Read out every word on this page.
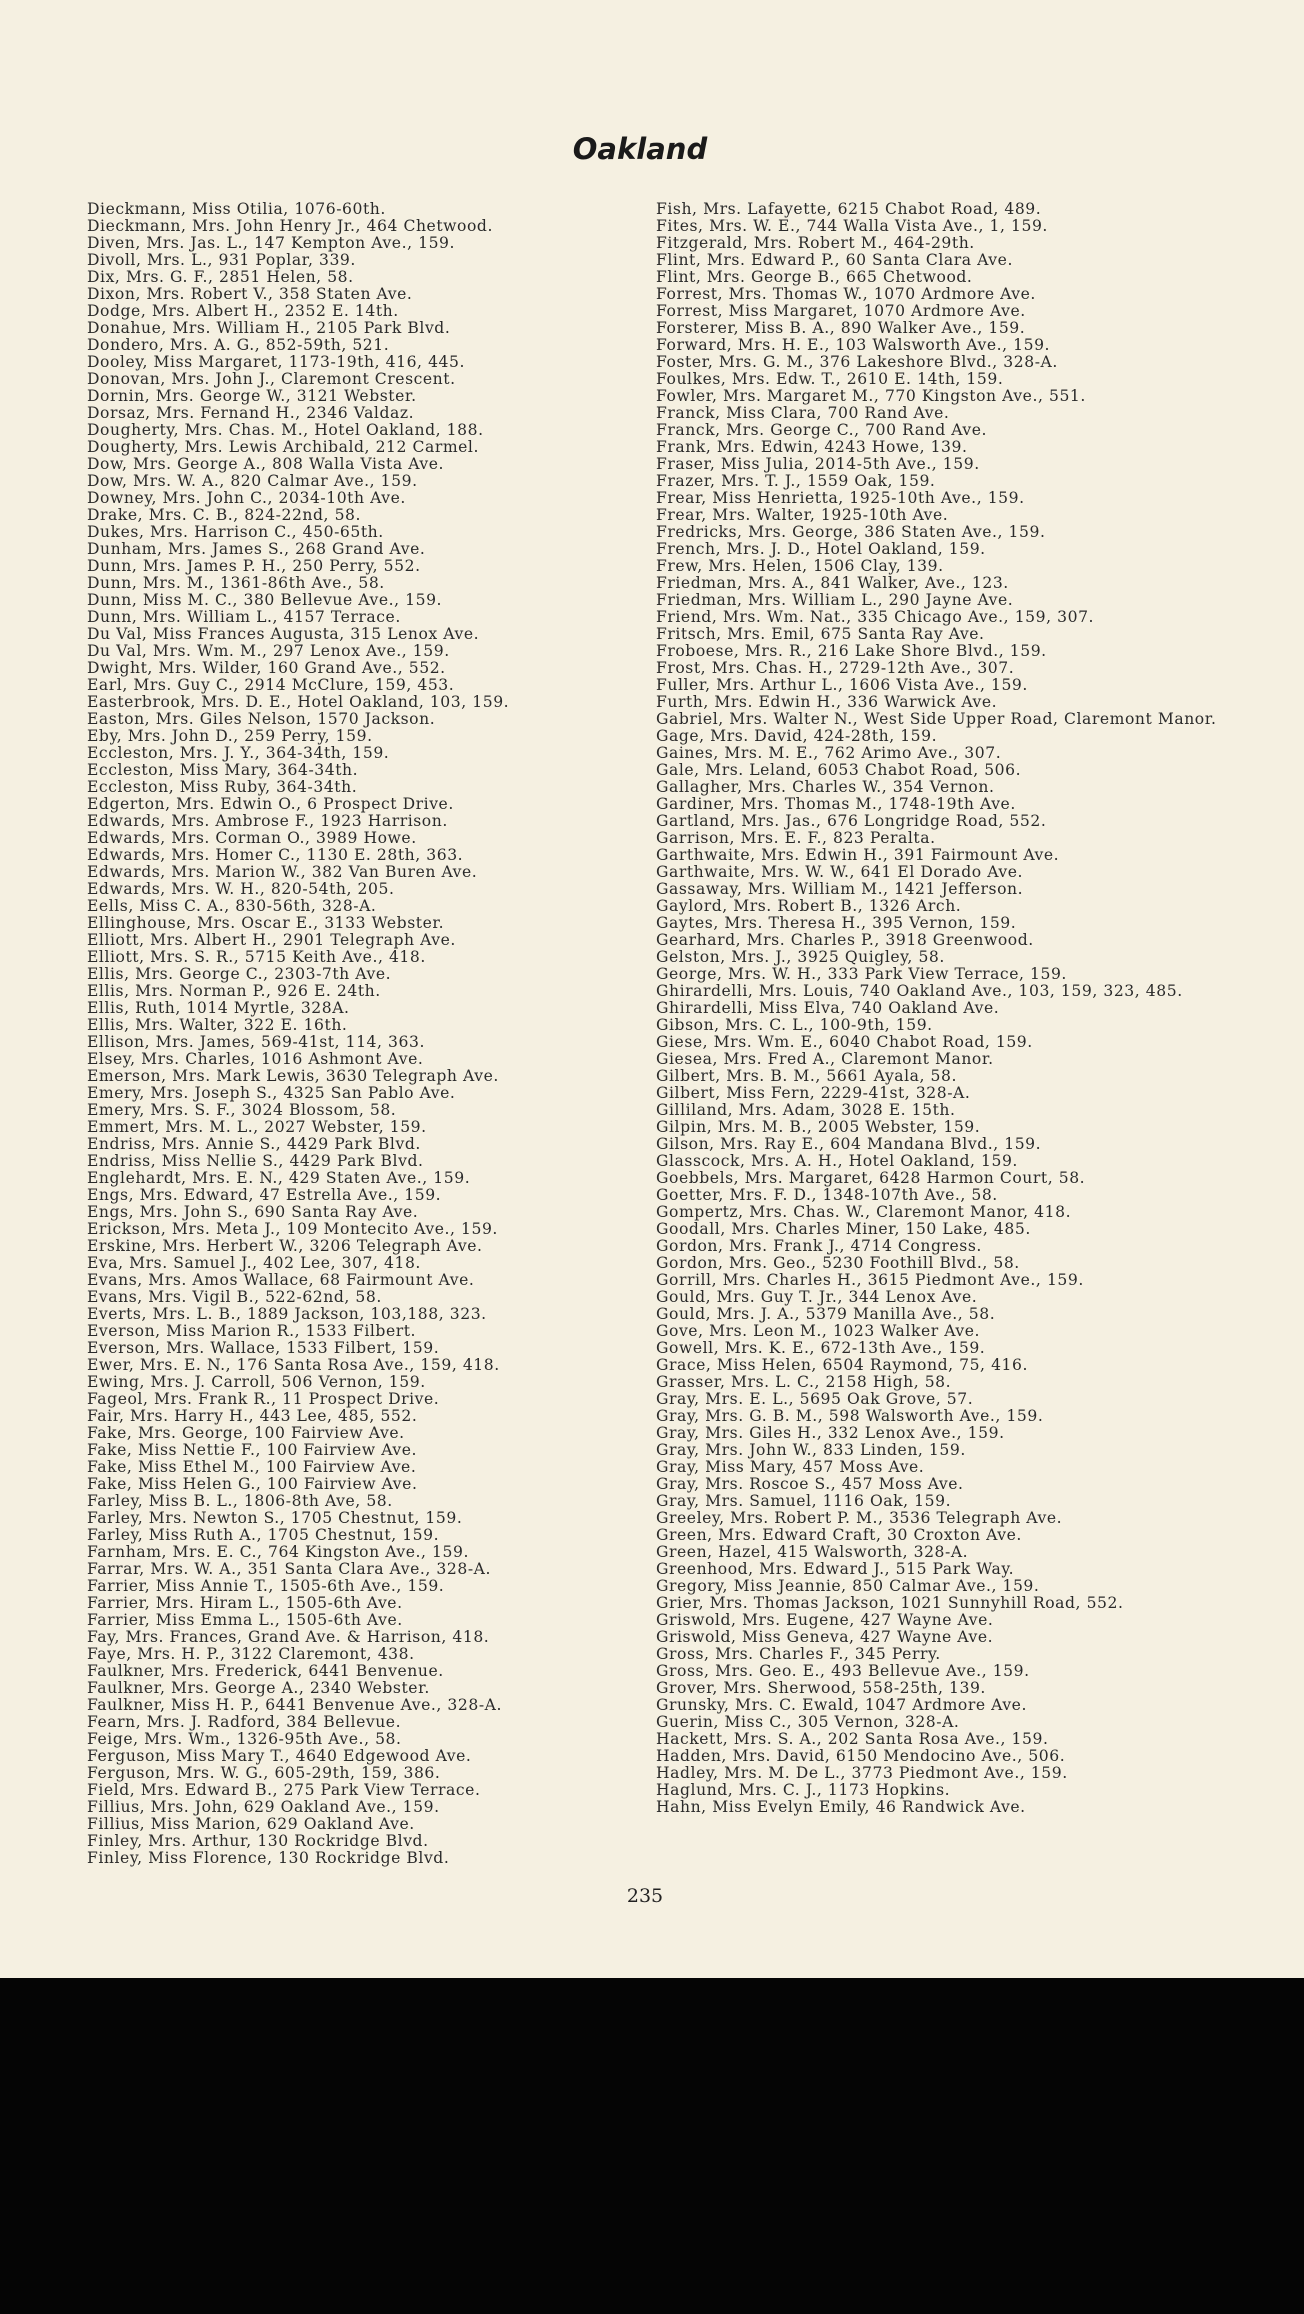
Oakland
Dieckmann, Miss Otilia, 1076-60th.
Dieckmann, Mrs. John Henry Jr., 464 Chetwood.
Diven, Mrs. Jas. L., 147 Kempton Ave., 159.
Divoll, Mrs. L., 931 Poplar, 339.
Dix, Mrs. G. F., 2851 Helen, 58.
Dixon, Mrs. Robert V., 358 Staten Ave.
Dodge, Mrs. Albert H., 2352 E. 14th.
Donahue, Mrs. William H., 2105 Park Blvd.
Dondero, Mrs. A. G., 852-59th, 521.
Dooley, Miss Margaret, 1173-19th, 416, 445.
Donovan, Mrs. John J., Claremont Crescent.
Dornin, Mrs. George W., 3121 Webster.
Dorsaz, Mrs. Fernand H., 2346 Valdaz.
Dougherty, Mrs. Chas. M., Hotel Oakland, 188.
Dougherty, Mrs. Lewis Archibald, 212 Carmel.
Dow, Mrs. George A., 808 Walla Vista Ave.
Dow, Mrs. W. A., 820 Calmar Ave., 159.
Downey, Mrs. John C., 2034-10th Ave.
Drake, Mrs. C. B., 824-22nd, 58.
Dukes, Mrs. Harrison C., 450-65th.
Dunham, Mrs. James S., 268 Grand Ave.
Dunn, Mrs. James P. H., 250 Perry, 552.
Dunn, Mrs. M., 1361-86th Ave., 58.
Dunn, Miss M. C., 380 Bellevue Ave., 159.
Dunn, Mrs. William L., 4157 Terrace.
Du Val, Miss Frances Augusta, 315 Lenox Ave.
Du Val, Mrs. Wm. M., 297 Lenox Ave., 159.
Dwight, Mrs. Wilder, 160 Grand Ave., 552.
Earl, Mrs. Guy C., 2914 McClure, 159, 453.
Easterbrook, Mrs. D. E., Hotel Oakland, 103, 159.
Easton, Mrs. Giles Nelson, 1570 Jackson.
Eby, Mrs. John D., 259 Perry, 159.
Eccleston, Mrs. J. Y., 364-34th, 159.
Eccleston, Miss Mary, 364-34th.
Eccleston, Miss Ruby, 364-34th.
Edgerton, Mrs. Edwin O., 6 Prospect Drive.
Edwards, Mrs. Ambrose F., 1923 Harrison.
Edwards, Mrs. Corman O., 3989 Howe.
Edwards, Mrs. Homer C., 1130 E. 28th, 363.
Edwards, Mrs. Marion W., 382 Van Buren Ave.
Edwards, Mrs. W. H., 820-54th, 205.
Eells, Miss C. A., 830-56th, 328-A.
Ellinghouse, Mrs. Oscar E., 3133 Webster.
Elliott, Mrs. Albert H., 2901 Telegraph Ave.
Elliott, Mrs. S. R., 5715 Keith Ave., 418.
Ellis, Mrs. George C., 2303-7th Ave.
Ellis, Mrs. Norman P., 926 E. 24th.
Ellis, Ruth, 1014 Myrtle, 328A.
Ellis, Mrs. Walter, 322 E. 16th.
Ellison, Mrs. James, 569-41st, 114, 363.
Elsey, Mrs. Charles, 1016 Ashmont Ave.
Emerson, Mrs. Mark Lewis, 3630 Telegraph Ave.
Emery, Mrs. Joseph S., 4325 San Pablo Ave.
Emery, Mrs. S. F., 3024 Blossom, 58.
Emmert, Mrs. M. L., 2027 Webster, 159.
Endriss, Mrs. Annie S., 4429 Park Blvd.
Endriss, Miss Nellie S., 4429 Park Blvd.
Englehardt, Mrs. E. N., 429 Staten Ave., 159.
Engs, Mrs. Edward, 47 Estrella Ave., 159.
Engs, Mrs. John S., 690 Santa Ray Ave.
Erickson, Mrs. Meta J., 109 Montecito Ave., 159.
Erskine, Mrs. Herbert W., 3206 Telegraph Ave.
Eva, Mrs. Samuel J., 402 Lee, 307, 418.
Evans, Mrs. Amos Wallace, 68 Fairmount Ave.
Evans, Mrs. Vigil B., 522-62nd, 58.
Everts, Mrs. L. B., 1889 Jackson, 103,188, 323.
Everson, Miss Marion R., 1533 Filbert.
Everson, Mrs. Wallace, 1533 Filbert, 159.
Ewer, Mrs. E. N., 176 Santa Rosa Ave., 159, 418.
Ewing, Mrs. J. Carroll, 506 Vernon, 159.
Fageol, Mrs. Frank R., 11 Prospect Drive.
Fair, Mrs. Harry H., 443 Lee, 485, 552.
Fake, Mrs. George, 100 Fairview Ave.
Fake, Miss Nettie F., 100 Fairview Ave.
Fake, Miss Ethel M., 100 Fairview Ave.
Fake, Miss Helen G., 100 Fairview Ave.
Farley, Miss B. L., 1806-8th Ave, 58.
Farley, Mrs. Newton S., 1705 Chestnut, 159.
Farley, Miss Ruth A., 1705 Chestnut, 159.
Farnham, Mrs. E. C., 764 Kingston Ave., 159.
Farrar, Mrs. W. A., 351 Santa Clara Ave., 328-A.
Farrier, Miss Annie T., 1505-6th Ave., 159.
Farrier, Mrs. Hiram L., 1505-6th Ave.
Farrier, Miss Emma L., 1505-6th Ave.
Fay, Mrs. Frances, Grand Ave. & Harrison, 418.
Faye, Mrs. H. P., 3122 Claremont, 438.
Faulkner, Mrs. Frederick, 6441 Benvenue.
Faulkner, Mrs. George A., 2340 Webster.
Faulkner, Miss H. P., 6441 Benvenue Ave., 328-A.
Fearn, Mrs. J. Radford, 384 Bellevue.
Feige, Mrs. Wm., 1326-95th Ave., 58.
Ferguson, Miss Mary T., 4640 Edgewood Ave.
Ferguson, Mrs. W. G., 605-29th, 159, 386.
Field, Mrs. Edward B., 275 Park View Terrace.
Fillius, Mrs. John, 629 Oakland Ave., 159.
Fillius, Miss Marion, 629 Oakland Ave.
Finley, Mrs. Arthur, 130 Rockridge Blvd.
Finley, Miss Florence, 130 Rockridge Blvd.
Fish, Mrs. Lafayette, 6215 Chabot Road, 489.
Fites, Mrs. W. E., 744 Walla Vista Ave., 1, 159.
Fitzgerald, Mrs. Robert M., 464-29th.
Flint, Mrs. Edward P., 60 Santa Clara Ave.
Flint, Mrs. George B., 665 Chetwood.
Forrest, Mrs. Thomas W., 1070 Ardmore Ave.
Forrest, Miss Margaret, 1070 Ardmore Ave.
Forsterer, Miss B. A., 890 Walker Ave., 159.
Forward, Mrs. H. E., 103 Walsworth Ave., 159.
Foster, Mrs. G. M., 376 Lakeshore Blvd., 328-A.
Foulkes, Mrs. Edw. T., 2610 E. 14th, 159.
Fowler, Mrs. Margaret M., 770 Kingston Ave., 551.
Franck, Miss Clara, 700 Rand Ave.
Franck, Mrs. George C., 700 Rand Ave.
Frank, Mrs. Edwin, 4243 Howe, 139.
Fraser, Miss Julia, 2014-5th Ave., 159.
Frazer, Mrs. T. J., 1559 Oak, 159.
Frear, Miss Henrietta, 1925-10th Ave., 159.
Frear, Mrs. Walter, 1925-10th Ave.
Fredricks, Mrs. George, 386 Staten Ave., 159.
French, Mrs. J. D., Hotel Oakland, 159.
Frew, Mrs. Helen, 1506 Clay, 139.
Friedman, Mrs. A., 841 Walker, Ave., 123.
Friedman, Mrs. William L., 290 Jayne Ave.
Friend, Mrs. Wm. Nat., 335 Chicago Ave., 159, 307.
Fritsch, Mrs. Emil, 675 Santa Ray Ave.
Froboese, Mrs. R., 216 Lake Shore Blvd., 159.
Frost, Mrs. Chas. H., 2729-12th Ave., 307.
Fuller, Mrs. Arthur L., 1606 Vista Ave., 159.
Furth, Mrs. Edwin H., 336 Warwick Ave.
Gabriel, Mrs. Walter N., West Side Upper Road, Claremont Manor.
Gage, Mrs. David, 424-28th, 159.
Gaines, Mrs. M. E., 762 Arimo Ave., 307.
Gale, Mrs. Leland, 6053 Chabot Road, 506.
Gallagher, Mrs. Charles W., 354 Vernon.
Gardiner, Mrs. Thomas M., 1748-19th Ave.
Gartland, Mrs. Jas., 676 Longridge Road, 552.
Garrison, Mrs. E. F., 823 Peralta.
Garthwaite, Mrs. Edwin H., 391 Fairmount Ave.
Garthwaite, Mrs. W. W., 641 El Dorado Ave.
Gassaway, Mrs. William M., 1421 Jefferson.
Gaylord, Mrs. Robert B., 1326 Arch.
Gaytes, Mrs. Theresa H., 395 Vernon, 159.
Gearhard, Mrs. Charles P., 3918 Greenwood.
Gelston, Mrs. J., 3925 Quigley, 58.
George, Mrs. W. H., 333 Park View Terrace, 159.
Ghirardelli, Mrs. Louis, 740 Oakland Ave., 103, 159, 323, 485.
Ghirardelli, Miss Elva, 740 Oakland Ave.
Gibson, Mrs. C. L., 100-9th, 159.
Giese, Mrs. Wm. E., 6040 Chabot Road, 159.
Giesea, Mrs. Fred A., Claremont Manor.
Gilbert, Mrs. B. M., 5661 Ayala, 58.
Gilbert, Miss Fern, 2229-41st, 328-A.
Gilliland, Mrs. Adam, 3028 E. 15th.
Gilpin, Mrs. M. B., 2005 Webster, 159.
Gilson, Mrs. Ray E., 604 Mandana Blvd., 159.
Glasscock, Mrs. A. H., Hotel Oakland, 159.
Goebbels, Mrs. Margaret, 6428 Harmon Court, 58.
Goetter, Mrs. F. D., 1348-107th Ave., 58.
Gompertz, Mrs. Chas. W., Claremont Manor, 418.
Goodall, Mrs. Charles Miner, 150 Lake, 485.
Gordon, Mrs. Frank J., 4714 Congress.
Gordon, Mrs. Geo., 5230 Foothill Blvd., 58.
Gorrill, Mrs. Charles H., 3615 Piedmont Ave., 159.
Gould, Mrs. Guy T. Jr., 344 Lenox Ave.
Gould, Mrs. J. A., 5379 Manilla Ave., 58.
Gove, Mrs. Leon M., 1023 Walker Ave.
Gowell, Mrs. K. E., 672-13th Ave., 159.
Grace, Miss Helen, 6504 Raymond, 75, 416.
Grasser, Mrs. L. C., 2158 High, 58.
Gray, Mrs. E. L., 5695 Oak Grove, 57.
Gray, Mrs. G. B. M., 598 Walsworth Ave., 159.
Gray, Mrs. Giles H., 332 Lenox Ave., 159.
Gray, Mrs. John W., 833 Linden, 159.
Gray, Miss Mary, 457 Moss Ave.
Gray, Mrs. Roscoe S., 457 Moss Ave.
Gray, Mrs. Samuel, 1116 Oak, 159.
Greeley, Mrs. Robert P. M., 3536 Telegraph Ave.
Green, Mrs. Edward Craft, 30 Croxton Ave.
Green, Hazel, 415 Walsworth, 328-A.
Greenhood, Mrs. Edward J., 515 Park Way.
Gregory, Miss Jeannie, 850 Calmar Ave., 159.
Grier, Mrs. Thomas Jackson, 1021 Sunnyhill Road, 552.
Griswold, Mrs. Eugene, 427 Wayne Ave.
Griswold, Miss Geneva, 427 Wayne Ave.
Gross, Mrs. Charles F., 345 Perry.
Gross, Mrs. Geo. E., 493 Bellevue Ave., 159.
Grover, Mrs. Sherwood, 558-25th, 139.
Grunsky, Mrs. C. Ewald, 1047 Ardmore Ave.
Guerin, Miss C., 305 Vernon, 328-A.
Hackett, Mrs. S. A., 202 Santa Rosa Ave., 159.
Hadden, Mrs. David, 6150 Mendocino Ave., 506.
Hadley, Mrs. M. De L., 3773 Piedmont Ave., 159.
Haglund, Mrs. C. J., 1173 Hopkins.
Hahn, Miss Evelyn Emily, 46 Randwick Ave.
235
